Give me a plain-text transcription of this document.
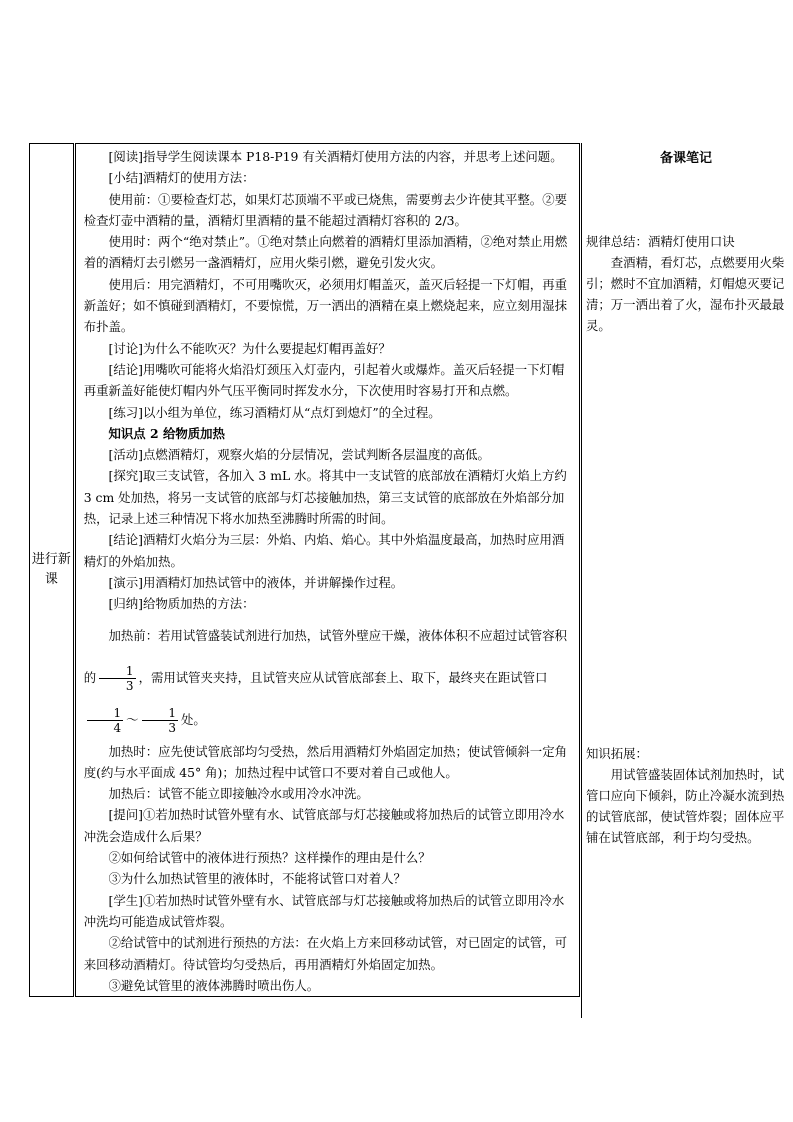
进行新课	

[阅读]指导学生阅读课本 P18-P19 有关酒精灯使用方法的内容，并思考上述问题。

[小结]酒精灯的使用方法：

使用前：①要检查灯芯，如果灯芯顶端不平或已烧焦，需要剪去少许使其平整。②要检查灯壶中酒精的量，酒精灯里酒精的量不能超过酒精灯容积的 2/3。

使用时：两个“绝对禁止”。①绝对禁止向燃着的酒精灯里添加酒精，②绝对禁止用燃着的酒精灯去引燃另一盏酒精灯，应用火柴引燃，避免引发火灾。

使用后：用完酒精灯，不可用嘴吹灭，必须用灯帽盖灭，盖灭后轻提一下灯帽，再重新盖好；如不慎碰到酒精灯，不要惊慌，万一洒出的酒精在桌上燃烧起来，应立刻用湿抹布扑盖。

[讨论]为什么不能吹灭？为什么要提起灯帽再盖好？

[结论]用嘴吹可能将火焰沿灯颈压入灯壶内，引起着火或爆炸。盖灭后轻提一下灯帽再重新盖好能使灯帽内外气压平衡同时挥发水分，下次使用时容易打开和点燃。

[练习]以小组为单位，练习酒精灯从“点灯到熄灯”的全过程。

知识点 2 给物质加热

[活动]点燃酒精灯，观察火焰的分层情况，尝试判断各层温度的高低。

[探究]取三支试管，各加入 3 mL 水。将其中一支试管的底部放在酒精灯火焰上方约 3 cm 处加热，将另一支试管的底部与灯芯接触加热，第三支试管的底部放在外焰部分加热，记录上述三种情况下将水加热至沸腾时所需的时间。

[结论]酒精灯火焰分为三层：外焰、内焰、焰心。其中外焰温度最高，加热时应用酒精灯的外焰加热。

[演示]用酒精灯加热试管中的液体，并讲解操作过程。

[归纳]给物质加热的方法：

加热前：若用试管盛装试剂进行加热，试管外壁应干燥，液体体积不应超过试管容积的 $\frac{1}{3}$ ，需用试管夹夹持，且试管夹应从试管底部套上、取下，最终夹在距试管口
$\frac{1}{4}$ ～ $\frac{1}{3}$ 处。

加热时：应先使试管底部均匀受热，然后用酒精灯外焰固定加热；使试管倾斜一定角度(约与水平面成 45° 角)；加热过程中试管口不要对着自己或他人。

加热后：试管不能立即接触冷水或用冷水冲洗。

[提问]①若加热时试管外壁有水、试管底部与灯芯接触或将加热后的试管立即用冷水冲洗会造成什么后果？

②如何给试管中的液体进行预热？这样操作的理由是什么？

③为什么加热试管里的液体时，不能将试管口对着人？

[学生]①若加热时试管外壁有水、试管底部与灯芯接触或将加热后的试管立即用冷水冲洗均可能造成试管炸裂。

②给试管中的试剂进行预热的方法：在火焰上方来回移动试管，对已固定的试管，可来回移动酒精灯。待试管均匀受热后，再用酒精灯外焰固定加热。

③避免试管里的液体沸腾时喷出伤人。

备课笔记

规律总结：酒精灯使用口诀

查酒精，看灯芯，点燃要用火柴引；燃时不宜加酒精，灯帽熄灭要记清；万一洒出着了火，湿布扑灭最最灵。

知识拓展：

用试管盛装固体试剂加热时，试管口应向下倾斜，防止冷凝水流到热的试管底部，使试管炸裂；固体应平铺在试管底部，利于均匀受热。
